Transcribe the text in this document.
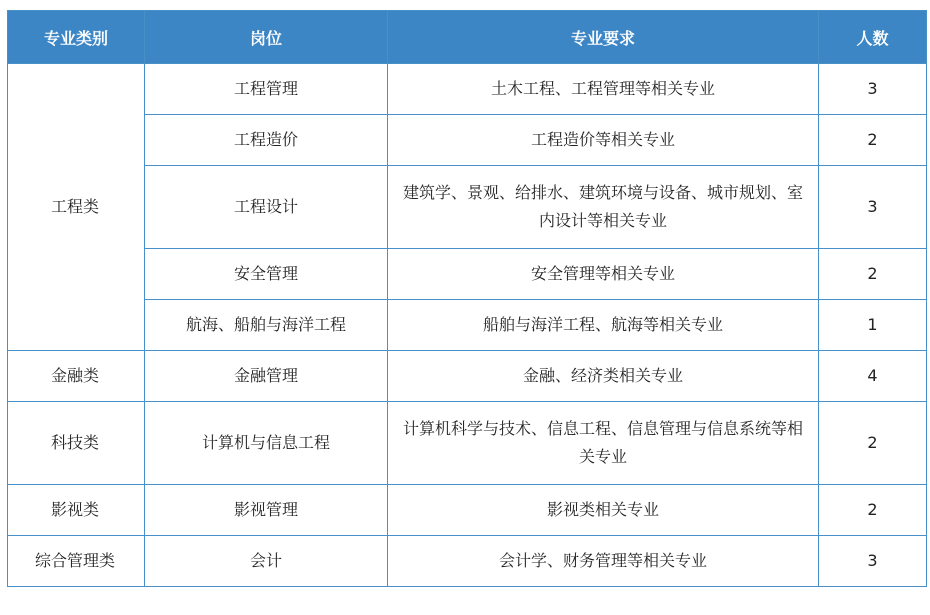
专业类别	岗位	专业要求	人数
工程类	工程管理	土木工程、工程管理等相关专业	3
	工程造价	工程造价等相关专业	2
	工程设计	建筑学、景观、给排水、建筑环境与设备、城市规划、室内设计等相关专业	3
	安全管理	安全管理等相关专业	2
	航海、船舶与海洋工程	船舶与海洋工程、航海等相关专业	1
金融类	金融管理	金融、经济类相关专业	4
科技类	计算机与信息工程	计算机科学与技术、信息工程、信息管理与信息系统等相关专业	2
影视类	影视管理	影视类相关专业	2
综合管理类	会计	会计学、财务管理等相关专业	3
